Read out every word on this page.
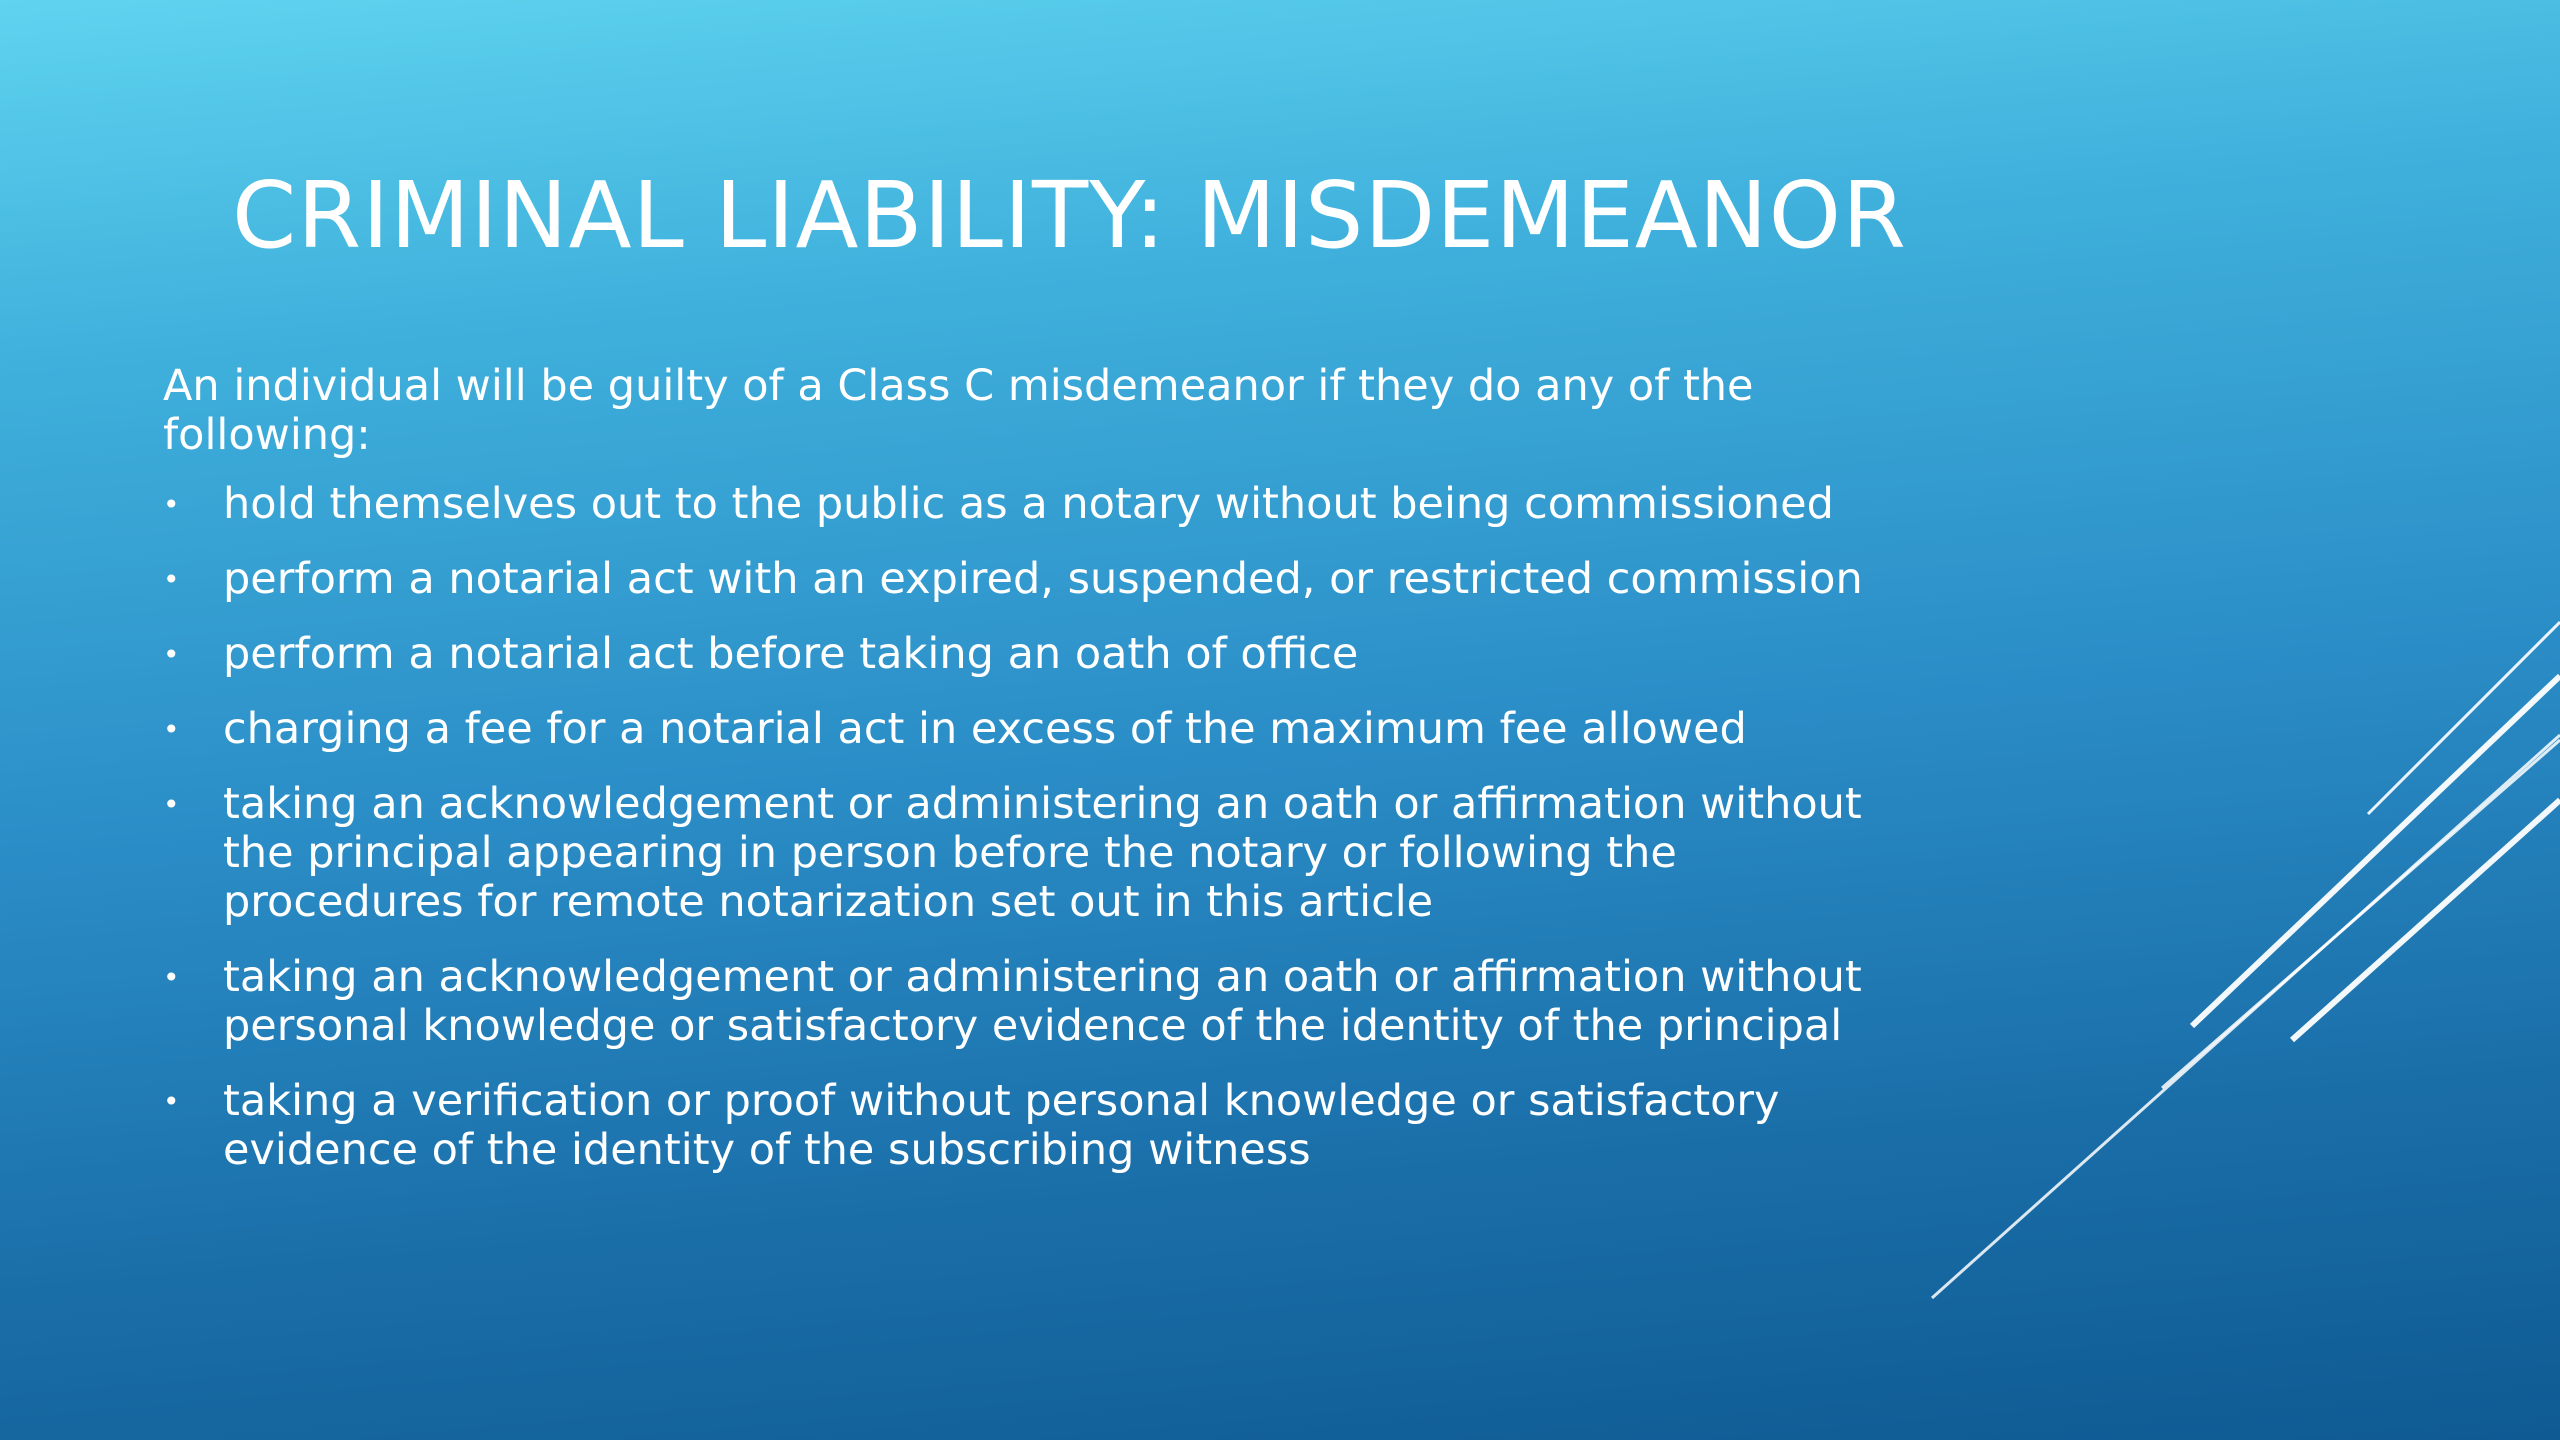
CRIMINAL LIABILITY: MISDEMEANOR

An individual will be guilty of a Class C misdemeanor if they do any of the following:

• hold themselves out to the public as a notary without being commissioned
• perform a notarial act with an expired, suspended, or restricted commission
• perform a notarial act before taking an oath of office
• charging a fee for a notarial act in excess of the maximum fee allowed
• taking an acknowledgement or administering an oath or affirmation without the principal appearing in person before the notary or following the procedures for remote notarization set out in this article
• taking an acknowledgement or administering an oath or affirmation without personal knowledge or satisfactory evidence of the identity of the principal
• taking a verification or proof without personal knowledge or satisfactory evidence of the identity of the subscribing witness
